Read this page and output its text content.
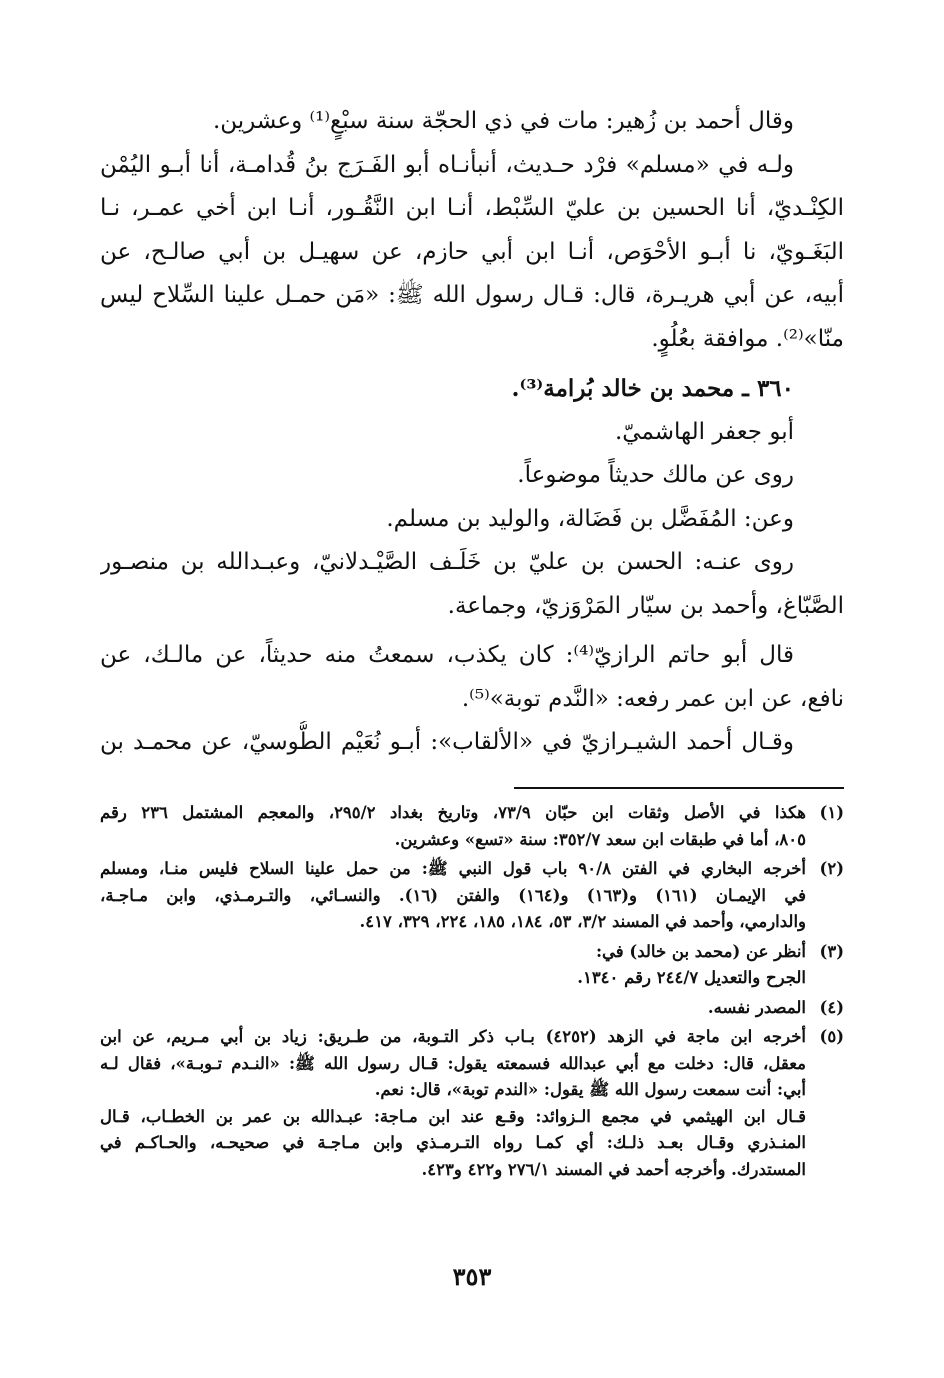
وقال أحمد بن زُهير: مات في ذي الحجّة سنة سبْعٍ⁽¹⁾ وعشرين.
ولـه في «مسلم» فرْد حـديث، أنبأنـاه أبو الفَـرَج بنُ قُدامـة، أنا أبـو اليُمْن
الكِنْـديّ، أنا الحسين بن عليّ السِّبْط، أنـا ابن النَّقُـور، أنـا ابن أخي عمـر، نـا
البَغَـويّ، نا أبـو الأحْوَص، أنـا ابن أبي حازم، عن سهيـل بن أبي صالـح، عن
أبيه، عن أبي هريـرة، قال: قـال رسول الله ﷺ: «مَن حمـل علينا السِّلاح ليس
منّا»⁽²⁾. موافقة بعُلُوٍ.
٣٦٠ ـ محمد بن خالد بُرامة⁽³⁾.
أبو جعفر الهاشميّ.
روى عن مالك حديثاً موضوعاً.
وعن: المُفَضَّل بن فَضَالة، والوليد بن مسلم.
روى عنـه: الحسن بن عليّ بن خَلَـف الصَّيْـدلانيّ، وعبـدالله بن منصـور
الصَّبّاغ، وأحمد بن سيّار المَرْوَزيّ، وجماعة.
قال أبو حاتم الرازيّ⁽⁴⁾: كان يكذب، سمعتُ منه حديثاً، عن مالـك، عن
نافع، عن ابن عمر رفعه: «النَّدم توبة»⁽⁵⁾.
وقـال أحمد الشيـرازيّ في «الألقاب»: أبـو نُعَيْم الطُّوسيّ، عن محمـد بن
(١)هكذا في الأصل وثقات ابن حبّان ٧٣/٩، وتاريخ بغداد ٢٩٥/٢، والمعجم المشتمل ٢٣٦ رقم
٨٠٥، أما في طبقات ابن سعد ٣٥٢/٧: سنة «تسع» وعشرين.
(٢)أخرجه البخاري في الفتن ٩٠/٨ باب قول النبي ﷺ: من حمل علينا السلاح فليس منـا، ومسلم
في الإيمـان (١٦١) و(١٦٣) و(١٦٤) والفتن (١٦). والنسـائي، والتـرمـذي، وابن مـاجـة،
والدارمي، وأحمد في المسند ٣/٢، ٥٣، ١٨٤، ١٨٥، ٢٢٤، ٣٢٩، ٤١٧.
(٣)أنظر عن (محمد بن خالد) في:
الجرح والتعديل ٢٤٤/٧ رقم ١٣٤٠.
(٤)المصدر نفسه.
(٥)أخرجه ابن ماجة في الزهد (٤٢٥٢) بـاب ذكر التـوبة، من طـريق: زياد بن أبي مـريم، عن ابن
معقل، قال: دخلت مع أبي عبدالله فسمعته يقول: قـال رسول الله ﷺ: «النـدم تـوبـة»، فقال لـه
أبي: أنت سمعت رسول الله ﷺ يقول: «الندم توبة»، قال: نعم.
قـال ابن الهيثمي في مجمع الـزوائد: وقـع عند ابن مـاجة: عبـدالله بن عمر بن الخطـاب، قـال
المنـذري وقـال بعـد ذلـك: أي كمـا رواه التـرمـذي وابن مـاجـة في صحيحـه، والحـاكـم في
المستدرك. وأخرجه أحمد في المسند ٢٧٦/١ و٤٢٢ و٤٢٣.
٣٥٣
